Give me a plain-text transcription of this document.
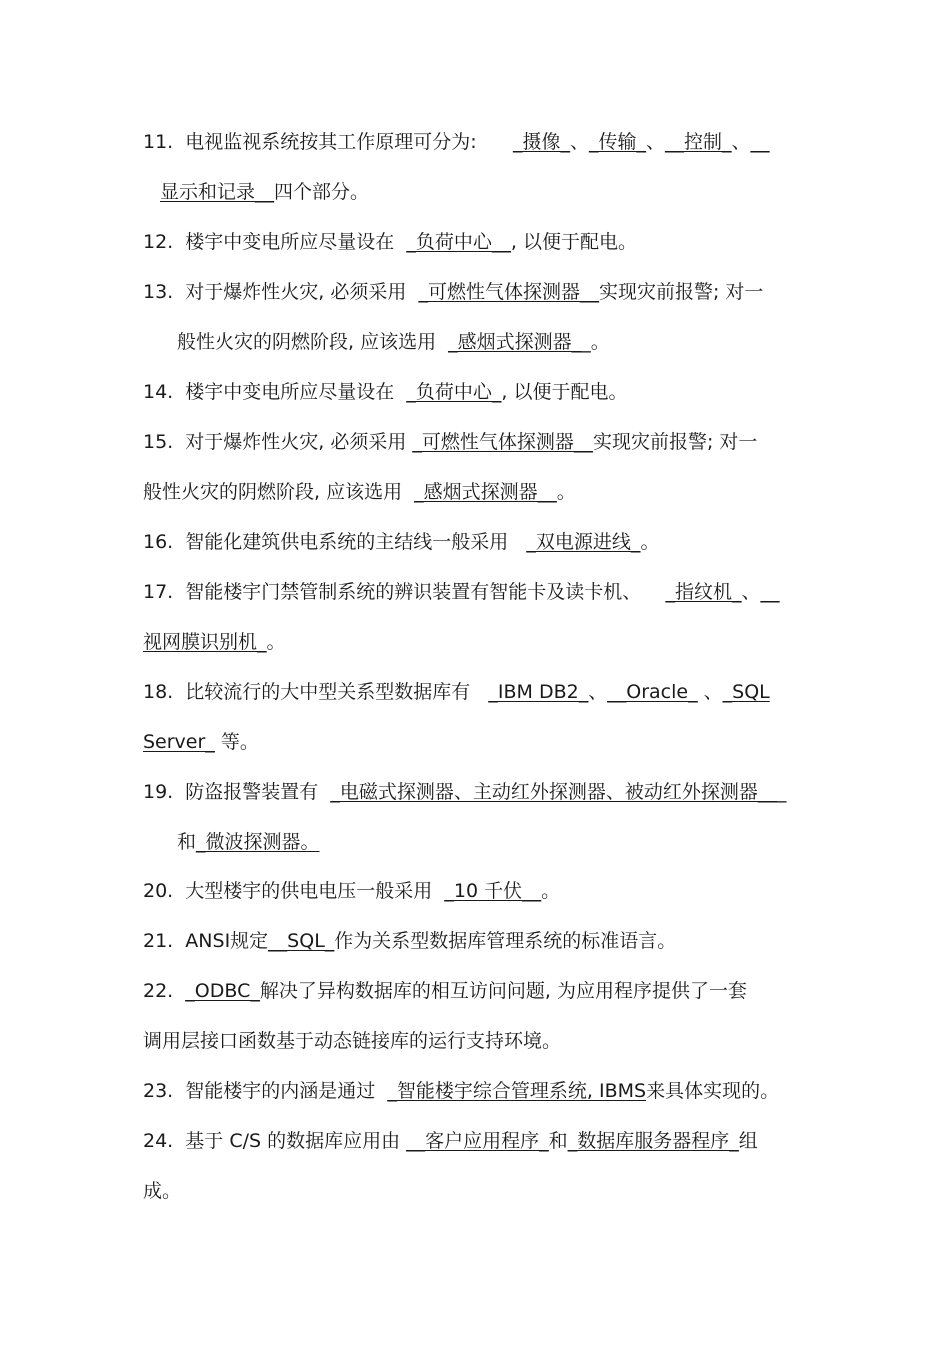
11.  电视监视系统按其工作原理可分为:      _摄像_、_传输_、__控制_、__
显示和记录__四个部分。
12.  楼宇中变电所应尽量设在  _负荷中心__, 以便于配电。
13.  对于爆炸性火灾, 必须采用  _可燃性气体探测器__实现灾前报警; 对一
般性火灾的阴燃阶段, 应该选用  _感烟式探测器__。
14.  楼宇中变电所应尽量设在  _负荷中心_, 以便于配电。
15.  对于爆炸性火灾, 必须采用 _可燃性气体探测器__实现灾前报警; 对一
般性火灾的阴燃阶段, 应该选用  _感烟式探测器__。
16.  智能化建筑供电系统的主结线一般采用   _双电源进线_。
17.  智能楼宇门禁管制系统的辨识装置有智能卡及读卡机、    _指纹机_、__
视网膜识别机_。
18.  比较流行的大中型关系型数据库有   _IBM DB2_、__Oracle_ 、_SQL
Server_ 等。
19.  防盗报警装置有  _电磁式探测器、主动红外探测器、被动红外探测器___
和_微波探测器。
20.  大型楼宇的供电电压一般采用  _10 千伏__。
21.  ANSI规定__SQL_作为关系型数据库管理系统的标准语言。
22.  _ODBC_解决了异构数据库的相互访问问题, 为应用程序提供了一套
调用层接口函数基于动态链接库的运行支持环境。
23.  智能楼宇的内涵是通过  _智能楼宇综合管理系统, IBMS来具体实现的。
24.  基于 C/S 的数据库应用由 __客户应用程序_和_数据库服务器程序_组
成。
